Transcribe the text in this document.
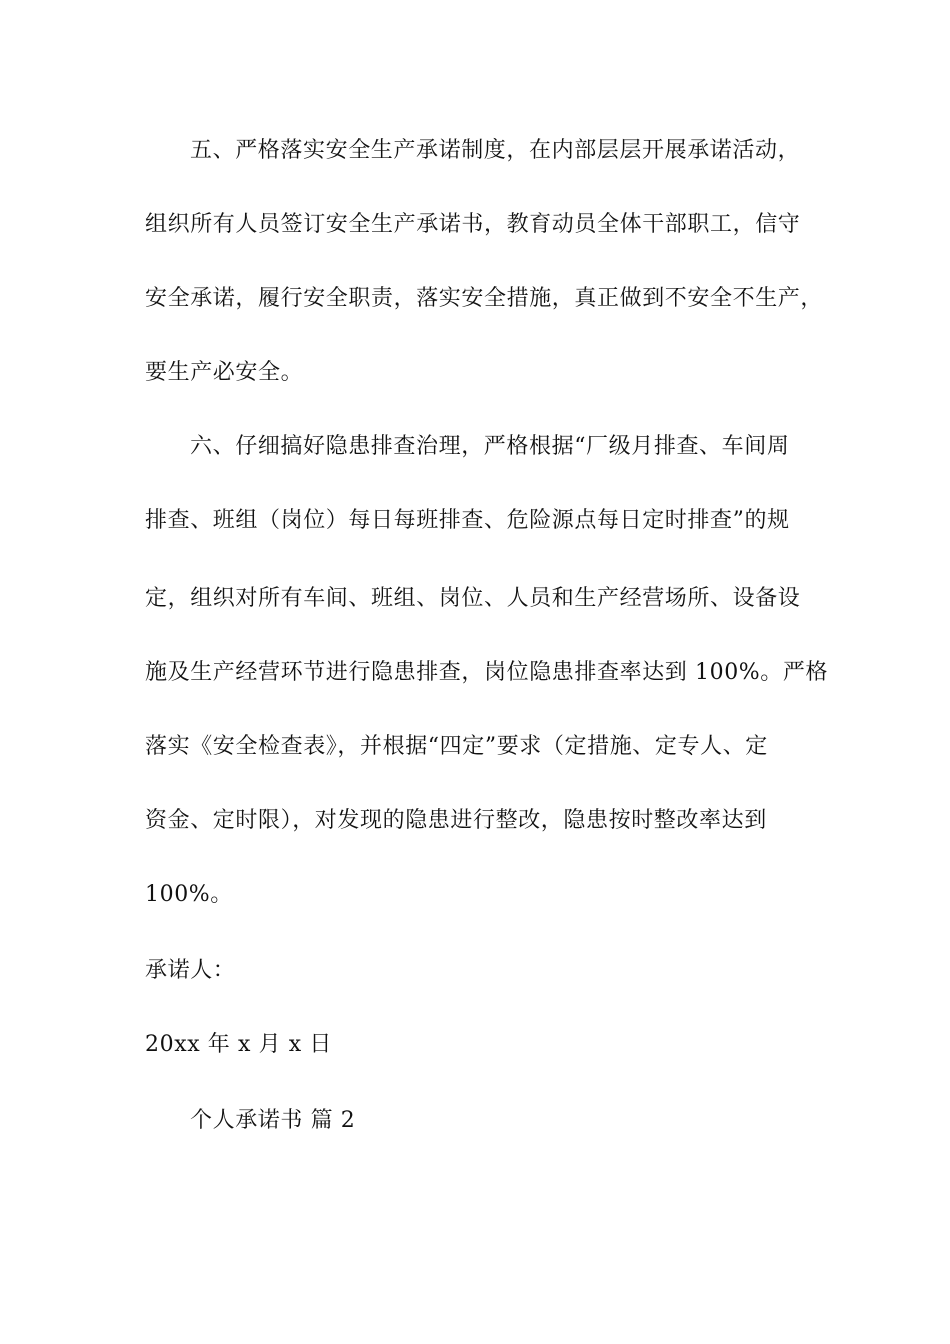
五、严格落实安全生产承诺制度，在内部层层开展承诺活动，
组织所有人员签订安全生产承诺书，教育动员全体干部职工，信守
安全承诺，履行安全职责，落实安全措施，真正做到不安全不生产，
要生产必安全。
六、仔细搞好隐患排查治理，严格根据“厂级月排查、车间周
排查、班组（岗位）每日每班排查、危险源点每日定时排查”的规
定，组织对所有车间、班组、岗位、人员和生产经营场所、设备设
施及生产经营环节进行隐患排查，岗位隐患排查率达到 100%。严格
落实《安全检查表》，并根据“四定”要求（定措施、定专人、定
资金、定时限），对发现的隐患进行整改，隐患按时整改率达到
100%。
承诺人：
20xx 年 x 月 x 日
个人承诺书 篇 2
